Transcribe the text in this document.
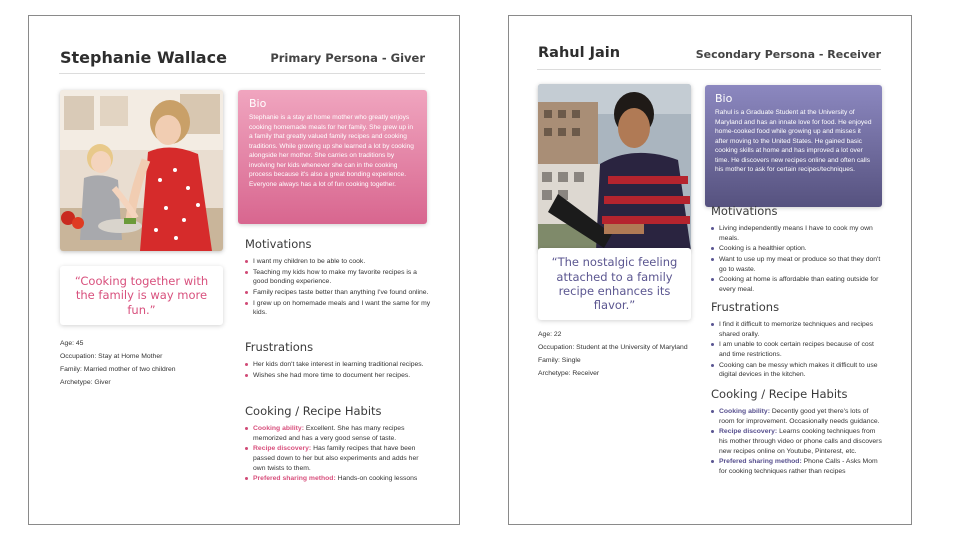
Stephanie Wallace	Primary Persona - Giver
“Cooking together with the family is way more fun.”
Age: 45
Occupation: Stay at Home Mother
Family: Married mother of two children
Archetype: Giver
Bio
Stephanie is a stay at home mother who greatly enjoys cooking homemade meals for her family. She grew up in a family that greatly valued family recipes and cooking traditions. While growing up she learned a lot by cooking alongside her mother. She carries on traditions by involving her kids whenever she can in the cooking process because it's also a great bonding experience. Everyone always has a lot of fun cooking together.
Motivations
I want my children to be able to cook.
Teaching my kids how to make my favorite recipes is a good bonding experience.
Family recipes taste better than anything I've found online.
I grew up on homemade meals and I want the same for my kids.
Frustrations
Her kids don't take interest in learning traditional recipes.
Wishes she had more time to document her recipes.
Cooking / Recipe Habits
Cooking ability: Excellent. She has many recipes memorized and has a very good sense of taste.
Recipe discovery: Has family recipes that have been passed down to her but also experiments and adds her own twists to them.
Prefered sharing method: Hands-on cooking lessons
Rahul Jain	Secondary Persona - Receiver
“The nostalgic feeling attached to a family recipe enhances its flavor.”
Age: 22
Occupation: Student at the University of Maryland
Family: Single
Archetype: Receiver
Bio
Rahul is a Graduate Student at the University of Maryland and has an innate love for food. He enjoyed home-cooked food while growing up and misses it after moving to the United States. He gained basic cooking skills at home and has improved a lot over time. He discovers new recipes online and often calls his mother to ask for certain recipes/techniques.
Motivations
Living independently means I have to cook my own meals.
Cooking is a healthier option.
Want to use up my meat or produce so that they don't go to waste.
Cooking at home is affordable than eating outside for every meal.
Frustrations
I find it difficult to memorize techniques and recipes shared orally.
I am unable to cook certain recipes because of cost and time restrictions.
Cooking can be messy which makes it difficult to use digital devices in the kitchen.
Cooking / Recipe Habits
Cooking ability: Decently good yet there's lots of room for improvement. Occasionally needs guidance.
Recipe discovery: Learns cooking techniques from his mother through video or phone calls and discovers new recipes online on Youtube, Pinterest, etc.
Prefered sharing method: Phone Calls - Asks Mom for cooking techniques rather than recipes
